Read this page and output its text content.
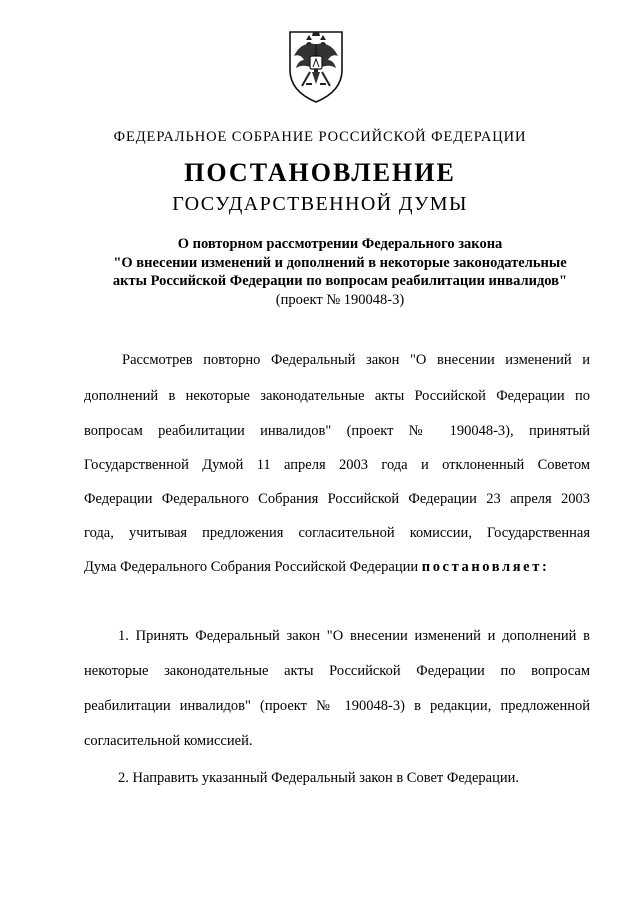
ФЕДЕРАЛЬНОЕ СОБРАНИЕ РОССИЙСКОЙ ФЕДЕРАЦИИ
ПОСТАНОВЛЕНИЕ
ГОСУДАРСТВЕННОЙ ДУМЫ
О повторном рассмотрении Федерального закона
"О внесении изменений и дополнений в некоторые законодательные
акты Российской Федерации по вопросам реабилитации инвалидов"
(проект № 190048-3)
Рассмотрев повторно Федеральный закон "О внесении изменений и
дополнений в некоторые законодательные акты Российской Федерации по
вопросам реабилитации инвалидов" (проект № 190048-3), принятый
Государственной Думой 11 апреля 2003 года и отклоненный Советом
Федерации Федерального Собрания Российской Федерации 23 апреля 2003
года, учитывая предложения согласительной комиссии, Государственная
Дума Федерального Собрания Российской Федерации постановляет:
1. Принять Федеральный закон "О внесении изменений и дополнений в
некоторые законодательные акты Российской Федерации по вопросам
реабилитации инвалидов" (проект № 190048-3) в редакции, предложенной
согласительной комиссией.
2. Направить указанный Федеральный закон в Совет Федерации.
